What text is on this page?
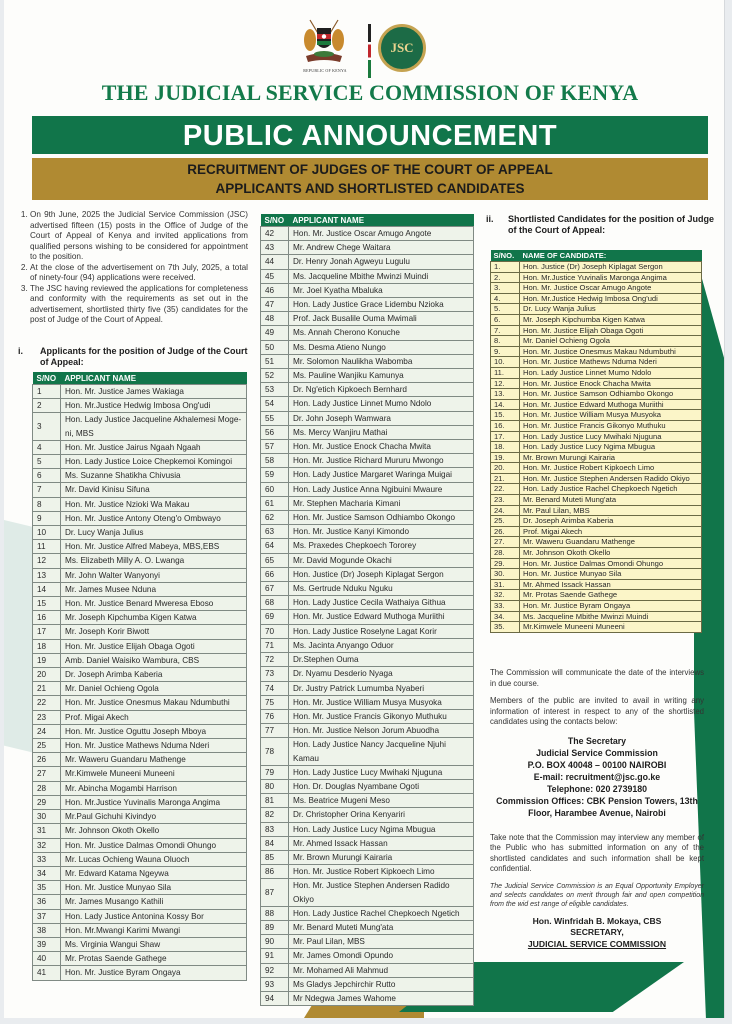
REPUBLIC OF KENYA
JSC
THE JUDICIAL SERVICE COMMISSION OF KENYA
PUBLIC ANNOUNCEMENT
RECRUITMENT OF JUDGES OF THE COURT OF APPEAL
APPLICANTS AND SHORTLISTED CANDIDATES
1. On 9th June, 2025 the Judicial Service Commission (JSC) advertised fifteen (15) posts in the Office of Judge of the Court of Appeal of Kenya and invited applications from qualified persons wishing to be considered for appointment to the position.
2. At the close of the advertisement on 7th July, 2025, a total of ninety-four (94) applications were received.
3. The JSC having reviewed the applications for completeness and conformity with the requirements as set out in the advertisement, shortlisted thirty five (35) candidates for the post of Judge of the Court of Appeal.
i.	Applicants for the position of Judge of the Court of Appeal:
S/NO	APPLICANT NAME
1	Hon. Mr. Justice James Wakiaga
2	Hon. Mr.Justice Hedwig Imbosa Ong'udi
3	Hon. Lady Justice Jacqueline Akhalemesi Moge-ni, MBS
4	Hon. Mr. Justice Jairus Ngaah Ngaah
5	Hon. Lady Justice Loice Chepkemoi Komingoi
6	Ms. Suzanne Shatikha Chivusia
7	Mr. David Kinisu Sifuna
8	Hon. Mr. Justice Nzioki Wa Makau
9	Hon. Mr. Justice Antony Oteng'o Ombwayo
10	Dr. Lucy Wanja Julius
11	Hon. Mr. Justice Alfred Mabeya, MBS,EBS
12	Ms. Elizabeth Milly A. O. Lwanga
13	Mr. John Walter Wanyonyi
14	Mr. James Musee Nduna
15	Hon. Mr. Justice Benard Mweresa Eboso
16	Mr. Joseph Kipchumba Kigen Katwa
17	Mr. Joseph Korir Biwott
18	Hon. Mr. Justice Elijah Obaga Ogoti
19	Amb. Daniel Waisiko Wambura, CBS
20	Dr. Joseph Arimba Kaberia
21	Mr. Daniel Ochieng Ogola
22	Hon. Mr. Justice Onesmus Makau Ndumbuthi
23	Prof. Migai Akech
24	Hon. Mr. Justice Oguttu Joseph Mboya
25	Hon. Mr. Justice Mathews Nduma Nderi
26	Mr. Waweru Guandaru Mathenge
27	Mr.Kimwele Muneeni Muneeni
28	Mr. Abincha Mogambi Harrison
29	Hon. Mr.Justice Yuvinalis Maronga Angima
30	Mr.Paul Gichuhi Kivindyo
31	Mr. Johnson Okoth Okello
32	Hon. Mr. Justice Dalmas Omondi Ohungo
33	Mr. Lucas Ochieng Wauna Oluoch
34	Mr. Edward Katama Ngeywa
35	Hon. Mr. Justice Munyao Sila
36	Mr. James Musango Kathili
37	Hon. Lady Justice Antonina Kossy Bor
38	Hon. Mr.Mwangi Karimi Mwangi
39	Ms. Virginia Wangui Shaw
40	Mr. Protas Saende Gathege
41	Hon. Mr. Justice Byram Ongaya
S/NO	APPLICANT NAME
42	Hon. Mr. Justice Oscar Amugo Angote
43	Mr. Andrew Chege Waitara
44	Dr. Henry Jonah Agweyu Lugulu
45	Ms. Jacqueline Mbithe Mwinzi Muindi
46	Mr. Joel Kyatha Mbaluka
47	Hon. Lady Justice Grace Lidembu Nzioka
48	Prof. Jack Busalile Ouma Mwimali
49	Ms. Annah Cherono Konuche
50	Ms. Desma Atieno Nungo
51	Mr. Solomon Naulikha Wabomba
52	Ms. Pauline Wanjiku Kamunya
53	Dr. Ng'etich Kipkoech Bernhard
54	Hon. Lady Justice Linnet Mumo Ndolo
55	Dr. John Joseph Wamwara
56	Ms. Mercy Wanjiru Mathai
57	Hon. Mr. Justice Enock Chacha Mwita
58	Hon. Mr. Justice Richard Mururu Mwongo
59	Hon. Lady Justice Margaret Waringa Muigai
60	Hon. Lady Justice Anna Ngibuini Mwaure
61	Mr. Stephen Macharia Kimani
62	Hon. Mr. Justice Samson Odhiambo Okongo
63	Hon. Mr. Justice Kanyi Kimondo
64	Ms. Praxedes Chepkoech Tororey
65	Mr. David Mogunde Okachi
66	Hon. Justice (Dr) Joseph Kiplagat Sergon
67	Ms. Gertrude Nduku Nguku
68	Hon. Lady Justice Cecila Wathaiya Githua
69	Hon. Mr. Justice Edward Muthoga Muriithi
70	Hon. Lady Justice Roselyne Lagat Korir
71	Ms. Jacinta Anyango Oduor
72	Dr.Stephen Ouma
73	Dr. Nyamu Desderio Nyaga
74	Dr. Justry Patrick Lumumba Nyaberi
75	Hon. Mr. Justice William Musya Musyoka
76	Hon. Mr. Justice Francis Gikonyo Muthuku
77	Hon. Mr. Justice Nelson Jorum Abuodha
78	Hon. Lady Justice Nancy Jacqueline Njuhi Kamau
79	Hon. Lady Justice Lucy Mwihaki Njuguna
80	Hon. Dr. Douglas Nyambane Ogoti
81	Ms. Beatrice Mugeni Meso
82	Dr. Christopher Orina Kenyariri
83	Hon. Lady Justice Lucy Ngima Mbugua
84	Mr. Ahmed Issack Hassan
85	Mr. Brown Murungi Kairaria
86	Hon. Mr. Justice Robert Kipkoech Limo
87	Hon. Mr. Justice Stephen Andersen Radido Okiyo
88	Hon. Lady Justice Rachel Chepkoech Ngetich
89	Mr. Benard Muteti Mung'ata
90	Mr. Paul Lilan, MBS
91	Mr. James Omondi Opundo
92	Mr. Mohamed Ali Mahmud
93	Ms Gladys Jepchirchir Rutto
94	Mr Ndegwa James Wahome
ii.	Shortlisted Candidates for the position of Judge of the Court of Appeal:
S/NO.	NAME OF CANDIDATE:
1.	Hon. Justice (Dr) Joseph Kiplagat Sergon
2.	Hon. Mr.Justice Yuvinalis Maronga Angima
3.	Hon. Mr. Justice Oscar Amugo Angote
4.	Hon. Mr.Justice Hedwig Imbosa Ong'udi
5.	Dr. Lucy Wanja Julius
6.	Mr. Joseph Kipchumba Kigen Katwa
7.	Hon. Mr. Justice Elijah Obaga Ogoti
8.	Mr. Daniel Ochieng Ogola
9.	Hon. Mr. Justice Onesmus Makau Ndumbuthi
10.	Hon. Mr. Justice Mathews Nduma Nderi
11.	Hon. Lady Justice Linnet Mumo Ndolo
12.	Hon. Mr. Justice Enock Chacha Mwita
13.	Hon. Mr. Justice Samson Odhiambo Okongo
14.	Hon. Mr. Justice Edward Muthoga Muriithi
15.	Hon. Mr. Justice William Musya Musyoka
16.	Hon. Mr. Justice Francis Gikonyo Muthuku
17.	Hon. Lady Justice Lucy Mwihaki Njuguna
18.	Hon. Lady Justice Lucy Ngima Mbugua
19.	Mr. Brown Murungi Kairaria
20.	Hon. Mr. Justice Robert Kipkoech Limo
21.	Hon. Mr. Justice Stephen Andersen Radido Okiyo
22.	Hon. Lady Justice Rachel Chepkoech Ngetich
23.	Mr. Benard Muteti Mung'ata
24.	Mr. Paul Lilan, MBS
25.	Dr. Joseph Arimba Kaberia
26.	Prof. Migai Akech
27.	Mr. Waweru Guandaru Mathenge
28.	Mr. Johnson Okoth Okello
29.	Hon. Mr. Justice Dalmas Omondi Ohungo
30.	Hon. Mr. Justice Munyao Sila
31.	Mr. Ahmed Issack Hassan
32.	Mr. Protas Saende Gathege
33.	Hon. Mr. Justice Byram Ongaya
34.	Ms. Jacqueline Mbithe Mwinzi Muindi
35.	Mr.Kimwele Muneeni Muneeni

The Commission will communicate the date of the interviews in due course.

Members of the public are invited to avail in writing any information of interest in respect to any of the shortlisted candidates using the contacts below:

The Secretary
Judicial Service Commission
P.O. BOX 40048 – 00100 NAIROBI
E-mail: recruitment@jsc.go.ke
Telephone: 020 2739180
Commission Offices: CBK Pension Towers, 13th Floor, Harambee Avenue, Nairobi

Take note that the Commission may interview any member of the Public who has submitted information on any of the shortlisted candidates and such information shall be kept confidential.

The Judicial Service Commission is an Equal Opportunity Employer and selects candidates on merit through fair and open competition from the wid est range of eligible candidates.

Hon. Winfridah B. Mokaya, CBS
SECRETARY,
JUDICIAL SERVICE COMMISSION
